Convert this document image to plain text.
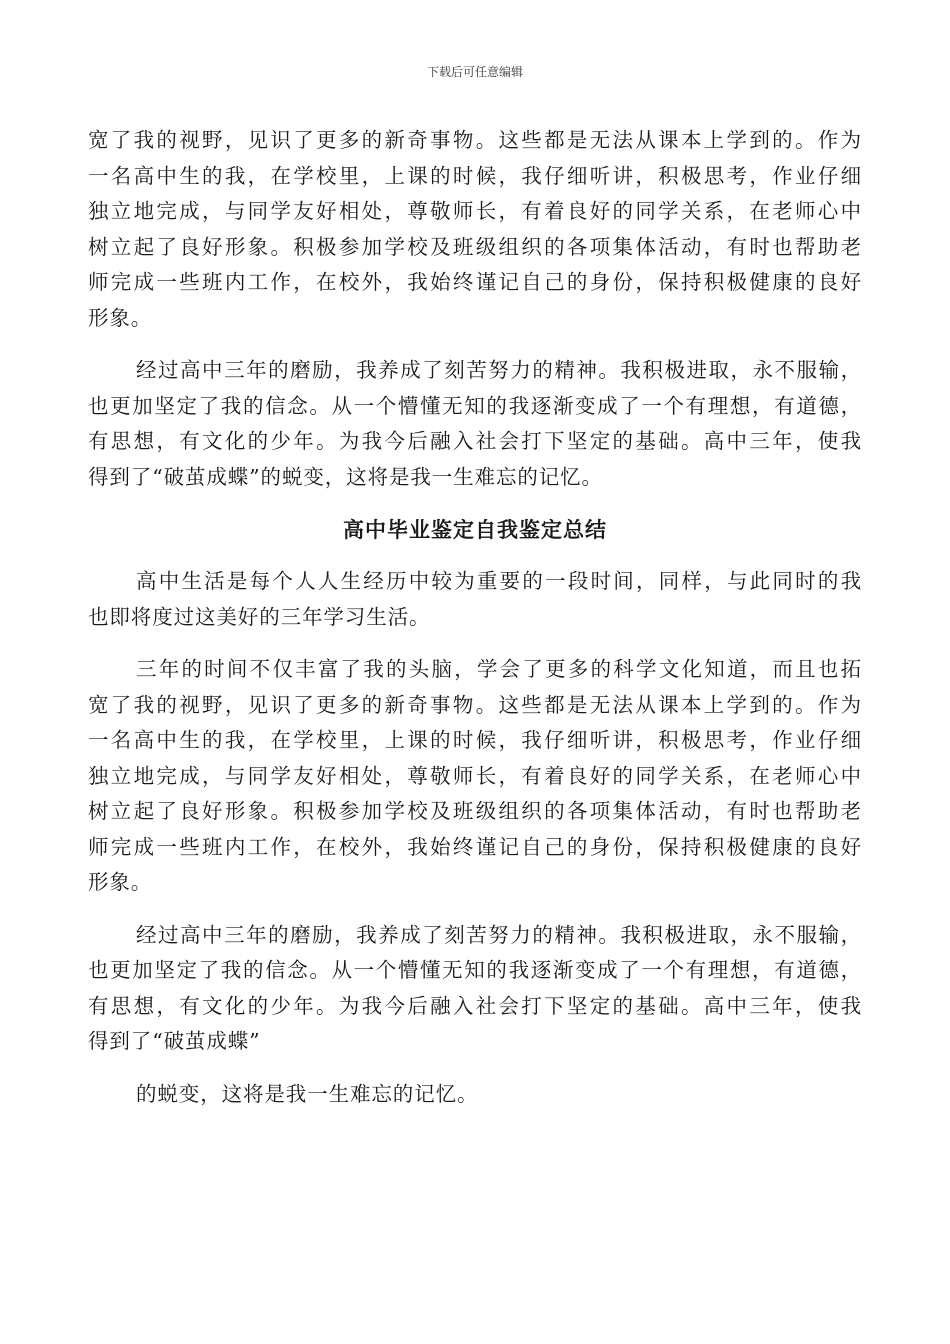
下载后可任意编辑
宽了我的视野，见识了更多的新奇事物。这些都是无法从课本上学到的。作为
一名高中生的我，在学校里，上课的时候，我仔细听讲，积极思考，作业仔细
独立地完成，与同学友好相处，尊敬师长，有着良好的同学关系，在老师心中
树立起了良好形象。积极参加学校及班级组织的各项集体活动，有时也帮助老
师完成一些班内工作，在校外，我始终谨记自己的身份，保持积极健康的良好
形象。
经过高中三年的磨励，我养成了刻苦努力的精神。我积极进取，永不服输，
也更加坚定了我的信念。从一个懵懂无知的我逐渐变成了一个有理想，有道德，
有思想，有文化的少年。为我今后融入社会打下坚定的基础。高中三年，使我
得到了“破茧成蝶”的蜕变，这将是我一生难忘的记忆。
高中毕业鉴定自我鉴定总结
高中生活是每个人人生经历中较为重要的一段时间，同样，与此同时的我
也即将度过这美好的三年学习生活。
三年的时间不仅丰富了我的头脑，学会了更多的科学文化知道，而且也拓
宽了我的视野，见识了更多的新奇事物。这些都是无法从课本上学到的。作为
一名高中生的我，在学校里，上课的时候，我仔细听讲，积极思考，作业仔细
独立地完成，与同学友好相处，尊敬师长，有着良好的同学关系，在老师心中
树立起了良好形象。积极参加学校及班级组织的各项集体活动，有时也帮助老
师完成一些班内工作，在校外，我始终谨记自己的身份，保持积极健康的良好
形象。
经过高中三年的磨励，我养成了刻苦努力的精神。我积极进取，永不服输，
也更加坚定了我的信念。从一个懵懂无知的我逐渐变成了一个有理想，有道德，
有思想，有文化的少年。为我今后融入社会打下坚定的基础。高中三年，使我
得到了“破茧成蝶”
的蜕变，这将是我一生难忘的记忆。
